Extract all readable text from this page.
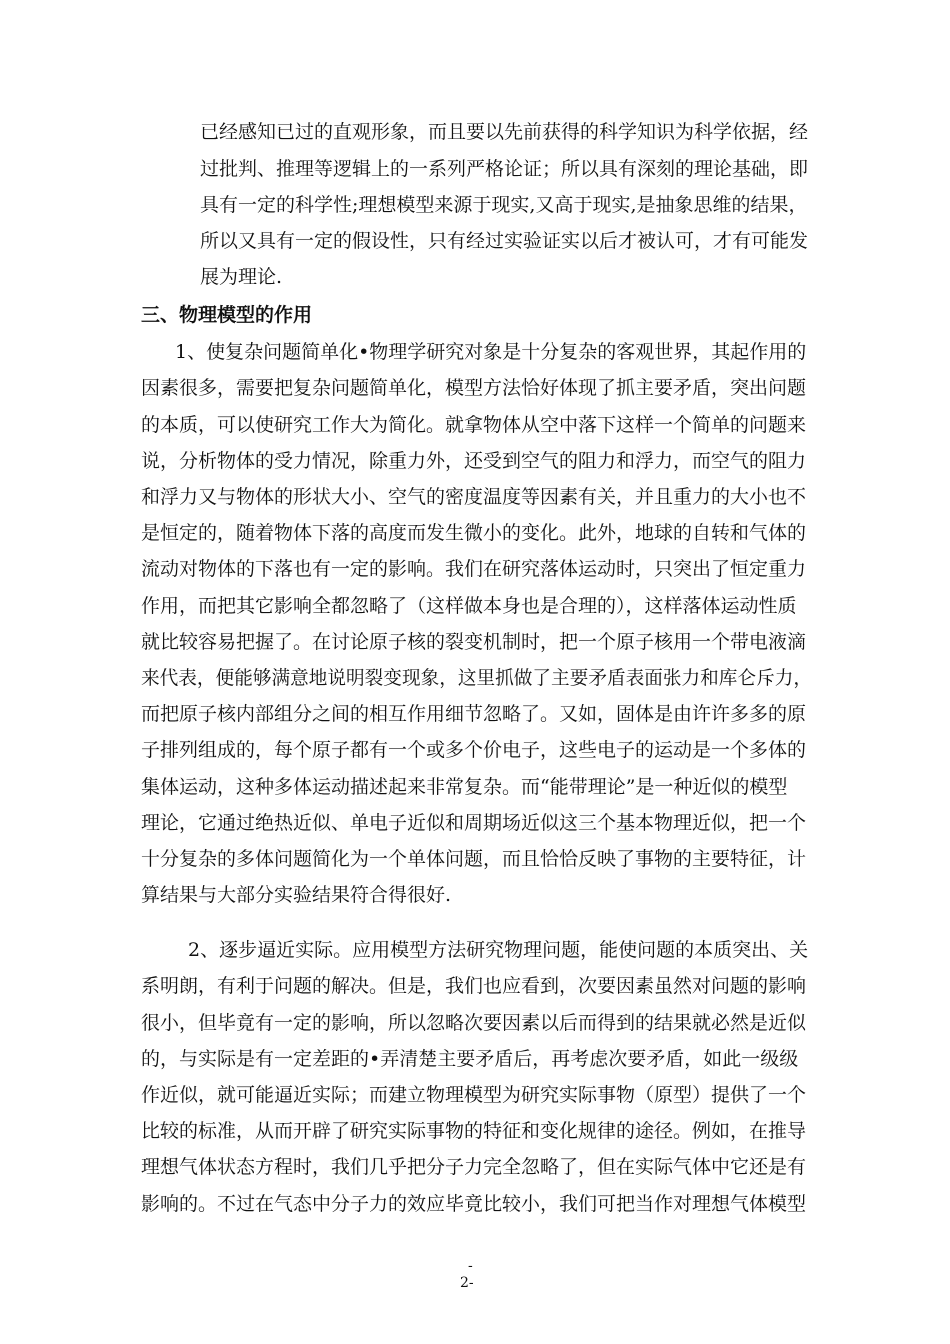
已经感知已过的直观形象，而且要以先前获得的科学知识为科学依据，经
过批判、推理等逻辑上的一系列严格论证；所以具有深刻的理论基础，即
具有一定的科学性;理想模型来源于现实,又高于现实,是抽象思维的结果，
所以又具有一定的假设性，只有经过实验证实以后才被认可，才有可能发
展为理论.
三、物理模型的作用
1、使复杂问题简单化•物理学研究对象是十分复杂的客观世界，其起作用的
因素很多，需要把复杂问题简单化，模型方法恰好体现了抓主要矛盾，突出问题
的本质，可以使研究工作大为简化。就拿物体从空中落下这样一个简单的问题来
说，分析物体的受力情况，除重力外，还受到空气的阻力和浮力，而空气的阻力
和浮力又与物体的形状大小、空气的密度温度等因素有关，并且重力的大小也不
是恒定的，随着物体下落的高度而发生微小的变化。此外，地球的自转和气体的
流动对物体的下落也有一定的影响。我们在研究落体运动时，只突出了恒定重力
作用，而把其它影响全都忽略了（这样做本身也是合理的），这样落体运动性质
就比较容易把握了。在讨论原子核的裂变机制时，把一个原子核用一个带电液滴
来代表，便能够满意地说明裂变现象，这里抓做了主要矛盾表面张力和库仑斥力，
而把原子核内部组分之间的相互作用细节忽略了。又如，固体是由许许多多的原
子排列组成的，每个原子都有一个或多个价电子，这些电子的运动是一个多体的
集体运动，这种多体运动描述起来非常复杂。而“能带理论”是一种近似的模型
理论，它通过绝热近似、单电子近似和周期场近似这三个基本物理近似，把一个
十分复杂的多体问题简化为一个单体问题，而且恰恰反映了事物的主要特征，计
算结果与大部分实验结果符合得很好.
2、逐步逼近实际。应用模型方法研究物理问题，能使问题的本质突出、关
系明朗，有利于问题的解决。但是，我们也应看到，次要因素虽然对问题的影响
很小，但毕竟有一定的影响，所以忽略次要因素以后而得到的结果就必然是近似
的，与实际是有一定差距的•弄清楚主要矛盾后，再考虑次要矛盾，如此一级级
作近似，就可能逼近实际；而建立物理模型为研究实际事物（原型）提供了一个
比较的标准，从而开辟了研究实际事物的特征和变化规律的途径。例如，在推导
理想气体状态方程时，我们几乎把分子力完全忽略了，但在实际气体中它还是有
影响的。不过在气态中分子力的效应毕竟比较小，我们可把当作对理想气体模型
-
2-
